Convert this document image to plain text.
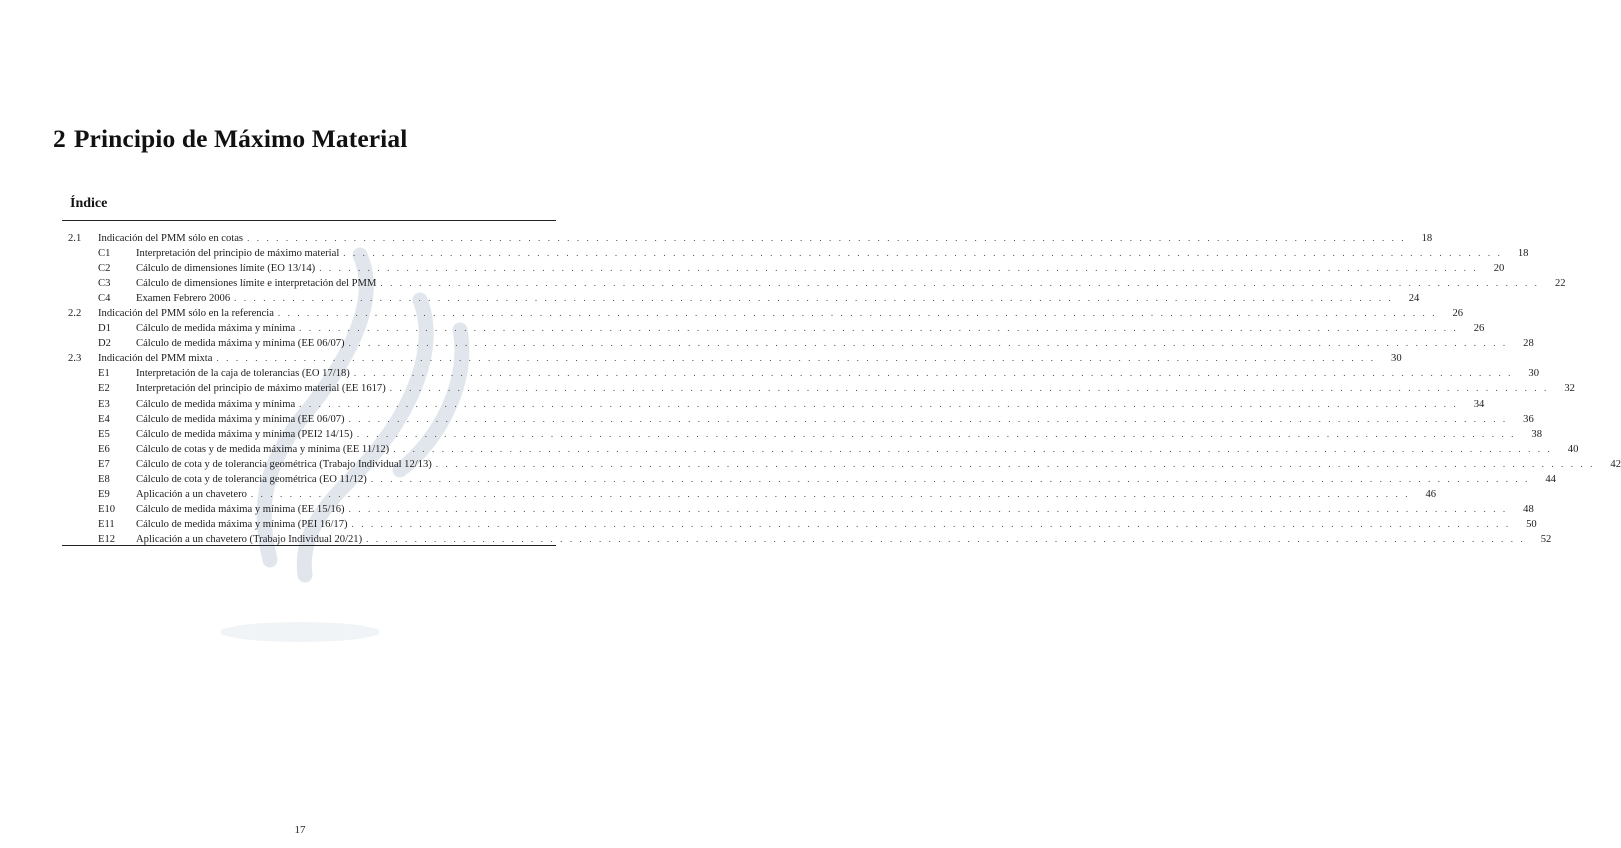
2 Principio de Máximo Material
Índice
2.1	Indicación del PMM sólo en cotas . . . . . . . . . . . . . . . . . . . . . . . . . . . . . . . . . . . . . . . . . . . . . . . . . . . . . . . . . . . . . . . . . . . . . . . . . . . . . . . . . . . . . . . . . . . . . . . . . . . . . . . . . . . . . . . . . . . . . . . .	18
C1	Interpretación del principio de máximo material . . . . . . . . . . . . . . . . . . . . . . . . . . . . . . . . . . . . . . . . . . . . . . . . . . . . . . . . . . . . . . . . . . . . . . . . . . . . . . . . . . . . . . . . . . . . . . . . . . . . . . . . . . . . . . . . . . . . . . . .	18
C2	Cálculo de dimensiones límite (EO 13/14) . . . . . . . . . . . . . . . . . . . . . . . . . . . . . . . . . . . . . . . . . . . . . . . . . . . . . . . . . . . . . . . . . . . . . . . . . . . . . . . . . . . . . . . . . . . . . . . . . . . . . . . . . . . . . . . . . . . . . . . .	20
C3	Cálculo de dimensiones límite e interpretación del PMM . . . . . . . . . . . . . . . . . . . . . . . . . . . . . . . . . . . . . . . . . . . . . . . . . . . . . . . . . . . . . . . . . . . . . . . . . . . . . . . . . . . . . . . . . . . . . . . . . . . . . . . . . . . . . . . . . . . . . . . .	22
C4	Examen Febrero 2006 . . . . . . . . . . . . . . . . . . . . . . . . . . . . . . . . . . . . . . . . . . . . . . . . . . . . . . . . . . . . . . . . . . . . . . . . . . . . . . . . . . . . . . . . . . . . . . . . . . . . . . . . . . . . . . . . . . . . . . . .	24
2.2	Indicación del PMM sólo en la referencia . . . . . . . . . . . . . . . . . . . . . . . . . . . . . . . . . . . . . . . . . . . . . . . . . . . . . . . . . . . . . . . . . . . . . . . . . . . . . . . . . . . . . . . . . . . . . . . . . . . . . . . . . . . . . . . . . . . . . . . .	26
D1	Cálculo de medida máxima y mínima . . . . . . . . . . . . . . . . . . . . . . . . . . . . . . . . . . . . . . . . . . . . . . . . . . . . . . . . . . . . . . . . . . . . . . . . . . . . . . . . . . . . . . . . . . . . . . . . . . . . . . . . . . . . . . . . . . . . . . . .	26
D2	Cálculo de medida máxima y mínima (EE 06/07) . . . . . . . . . . . . . . . . . . . . . . . . . . . . . . . . . . . . . . . . . . . . . . . . . . . . . . . . . . . . . . . . . . . . . . . . . . . . . . . . . . . . . . . . . . . . . . . . . . . . . . . . . . . . . . . . . . . . . . . .	28
2.3	Indicación del PMM mixta . . . . . . . . . . . . . . . . . . . . . . . . . . . . . . . . . . . . . . . . . . . . . . . . . . . . . . . . . . . . . . . . . . . . . . . . . . . . . . . . . . . . . . . . . . . . . . . . . . . . . . . . . . . . . . . . . . . . . . . .	30
E1	Interpretación de la caja de tolerancias (EO 17/18) . . . . . . . . . . . . . . . . . . . . . . . . . . . . . . . . . . . . . . . . . . . . . . . . . . . . . . . . . . . . . . . . . . . . . . . . . . . . . . . . . . . . . . . . . . . . . . . . . . . . . . . . . . . . . . . . . . . . . . . .	30
E2	Interpretación del principio de máximo material (EE 1617) . . . . . . . . . . . . . . . . . . . . . . . . . . . . . . . . . . . . . . . . . . . . . . . . . . . . . . . . . . . . . . . . . . . . . . . . . . . . . . . . . . . . . . . . . . . . . . . . . . . . . . . . . . . . . . . . . . . . . . . .	32
E3	Cálculo de medida máxima y mínima . . . . . . . . . . . . . . . . . . . . . . . . . . . . . . . . . . . . . . . . . . . . . . . . . . . . . . . . . . . . . . . . . . . . . . . . . . . . . . . . . . . . . . . . . . . . . . . . . . . . . . . . . . . . . . . . . . . . . . . .	34
E4	Cálculo de medida máxima y mínima (EE 06/07) . . . . . . . . . . . . . . . . . . . . . . . . . . . . . . . . . . . . . . . . . . . . . . . . . . . . . . . . . . . . . . . . . . . . . . . . . . . . . . . . . . . . . . . . . . . . . . . . . . . . . . . . . . . . . . . . . . . . . . . .	36
E5	Cálculo de medida máxima y mínima (PEI2 14/15) . . . . . . . . . . . . . . . . . . . . . . . . . . . . . . . . . . . . . . . . . . . . . . . . . . . . . . . . . . . . . . . . . . . . . . . . . . . . . . . . . . . . . . . . . . . . . . . . . . . . . . . . . . . . . . . . . . . . . . . .	38
E6	Cálculo de cotas y de medida máxima y mínima (EE 11/12) . . . . . . . . . . . . . . . . . . . . . . . . . . . . . . . . . . . . . . . . . . . . . . . . . . . . . . . . . . . . . . . . . . . . . . . . . . . . . . . . . . . . . . . . . . . . . . . . . . . . . . . . . . . . . . . . . . . . . . . .	40
E7	Cálculo de cota y de tolerancia geométrica (Trabajo Individual 12/13) . . . . . . . . . . . . . . . . . . . . . . . . . . . . . . . . . . . . . . . . . . . . . . . . . . . . . . . . . . . . . . . . . . . . . . . . . . . . . . . . . . . . . . . . . . . . . . . . . . . . . . . . . . . . . . . . . . . . . . . .	42
E8	Cálculo de cota y de tolerancia geométrica (EO 11/12) . . . . . . . . . . . . . . . . . . . . . . . . . . . . . . . . . . . . . . . . . . . . . . . . . . . . . . . . . . . . . . . . . . . . . . . . . . . . . . . . . . . . . . . . . . . . . . . . . . . . . . . . . . . . . . . . . . . . . . . .	44
E9	Aplicación a un chavetero . . . . . . . . . . . . . . . . . . . . . . . . . . . . . . . . . . . . . . . . . . . . . . . . . . . . . . . . . . . . . . . . . . . . . . . . . . . . . . . . . . . . . . . . . . . . . . . . . . . . . . . . . . . . . . . . . . . . . . . .	46
E10	Cálculo de medida máxima y mínima (EE 15/16) . . . . . . . . . . . . . . . . . . . . . . . . . . . . . . . . . . . . . . . . . . . . . . . . . . . . . . . . . . . . . . . . . . . . . . . . . . . . . . . . . . . . . . . . . . . . . . . . . . . . . . . . . . . . . . . . . . . . . . . .	48
E11	Cálculo de medida máxima y mínima (PEI 16/17) . . . . . . . . . . . . . . . . . . . . . . . . . . . . . . . . . . . . . . . . . . . . . . . . . . . . . . . . . . . . . . . . . . . . . . . . . . . . . . . . . . . . . . . . . . . . . . . . . . . . . . . . . . . . . . . . . . . . . . . .	50
E12	Aplicación a un chavetero (Trabajo Individual 20/21) . . . . . . . . . . . . . . . . . . . . . . . . . . . . . . . . . . . . . . . . . . . . . . . . . . . . . . . . . . . . . . . . . . . . . . . . . . . . . . . . . . . . . . . . . . . . . . . . . . . . . . . . . . . . . . . . . . . . . . . .	52
17
